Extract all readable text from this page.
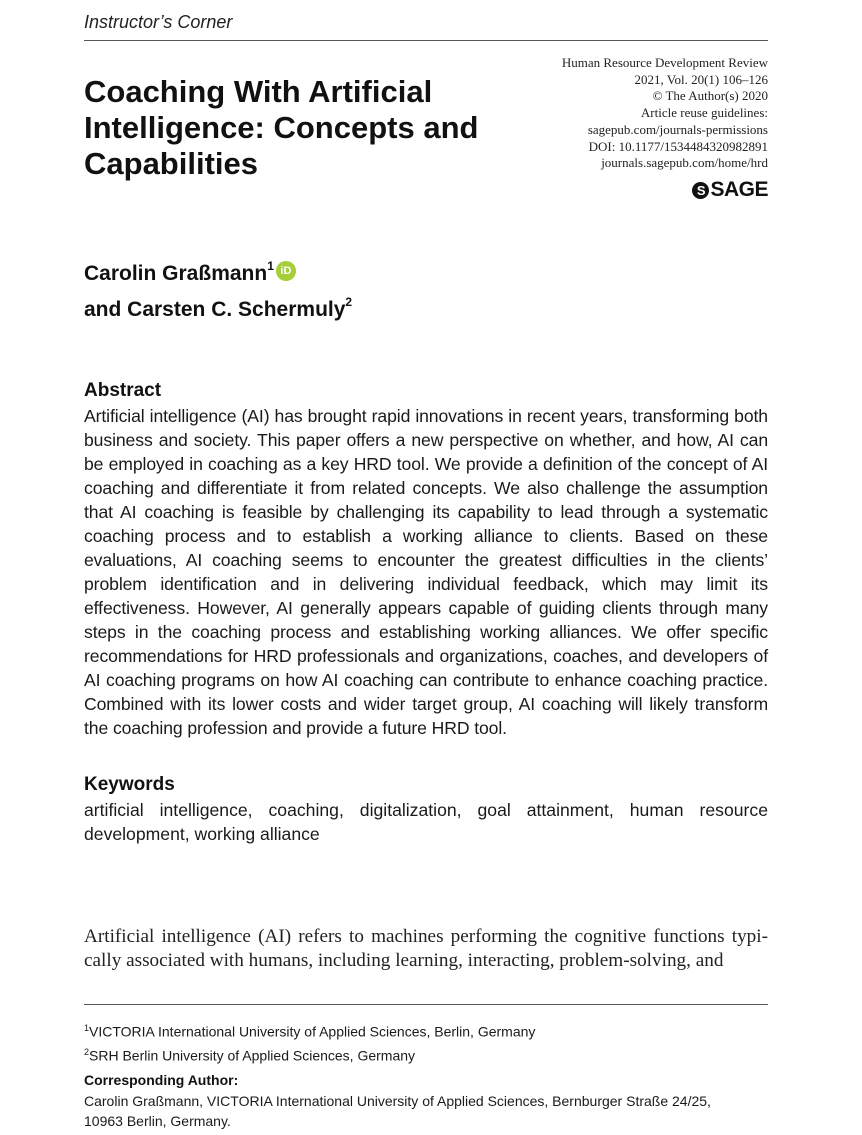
Instructor’s Corner
Coaching With Artificial
Intelligence: Concepts and
Capabilities
Human Resource Development Review
2021, Vol. 20(1) 106–126
© The Author(s) 2020
Article reuse guidelines:
sagepub.com/journals-permissions
DOI: 10.1177/1534484320982891
journals.sagepub.com/home/hrd
S SAGE
Carolin Graßmann$^1$ iD
and Carsten C. Schermuly$^2$
Abstract
Artificial intelligence (AI) has brought rapid innovations in recent years, transforming both business and society. This paper offers a new perspective on whether, and how, AI can be employed in coaching as a key HRD tool. We provide a definition of the concept of AI coaching and differentiate it from related concepts. We also challenge the assumption that AI coaching is feasible by challenging its capability to lead through a systematic coaching process and to establish a working alliance to clients. Based on these evaluations, AI coaching seems to encounter the greatest difficulties in the clients’ problem identification and in delivering individual feedback, which may limit its effectiveness. However, AI generally appears capable of guiding clients through many steps in the coaching process and establishing working alliances. We offer specific recommendations for HRD professionals and organizations, coaches, and developers of AI coaching programs on how AI coaching can contribute to enhance coaching practice. Combined with its lower costs and wider target group, AI coaching will likely transform the coaching profession and provide a future HRD tool.
Keywords
artificial intelligence, coaching, digitalization, goal attainment, human resource development, working alliance
Artificial intelligence (AI) refers to machines performing the cognitive functions typi-cally associated with humans, including learning, interacting, problem-solving, and
$^1$VICTORIA International University of Applied Sciences, Berlin, Germany
$^2$SRH Berlin University of Applied Sciences, Germany
Corresponding Author:
Carolin Graßmann, VICTORIA International University of Applied Sciences, Bernburger Straße 24/25,
10963 Berlin, Germany.
